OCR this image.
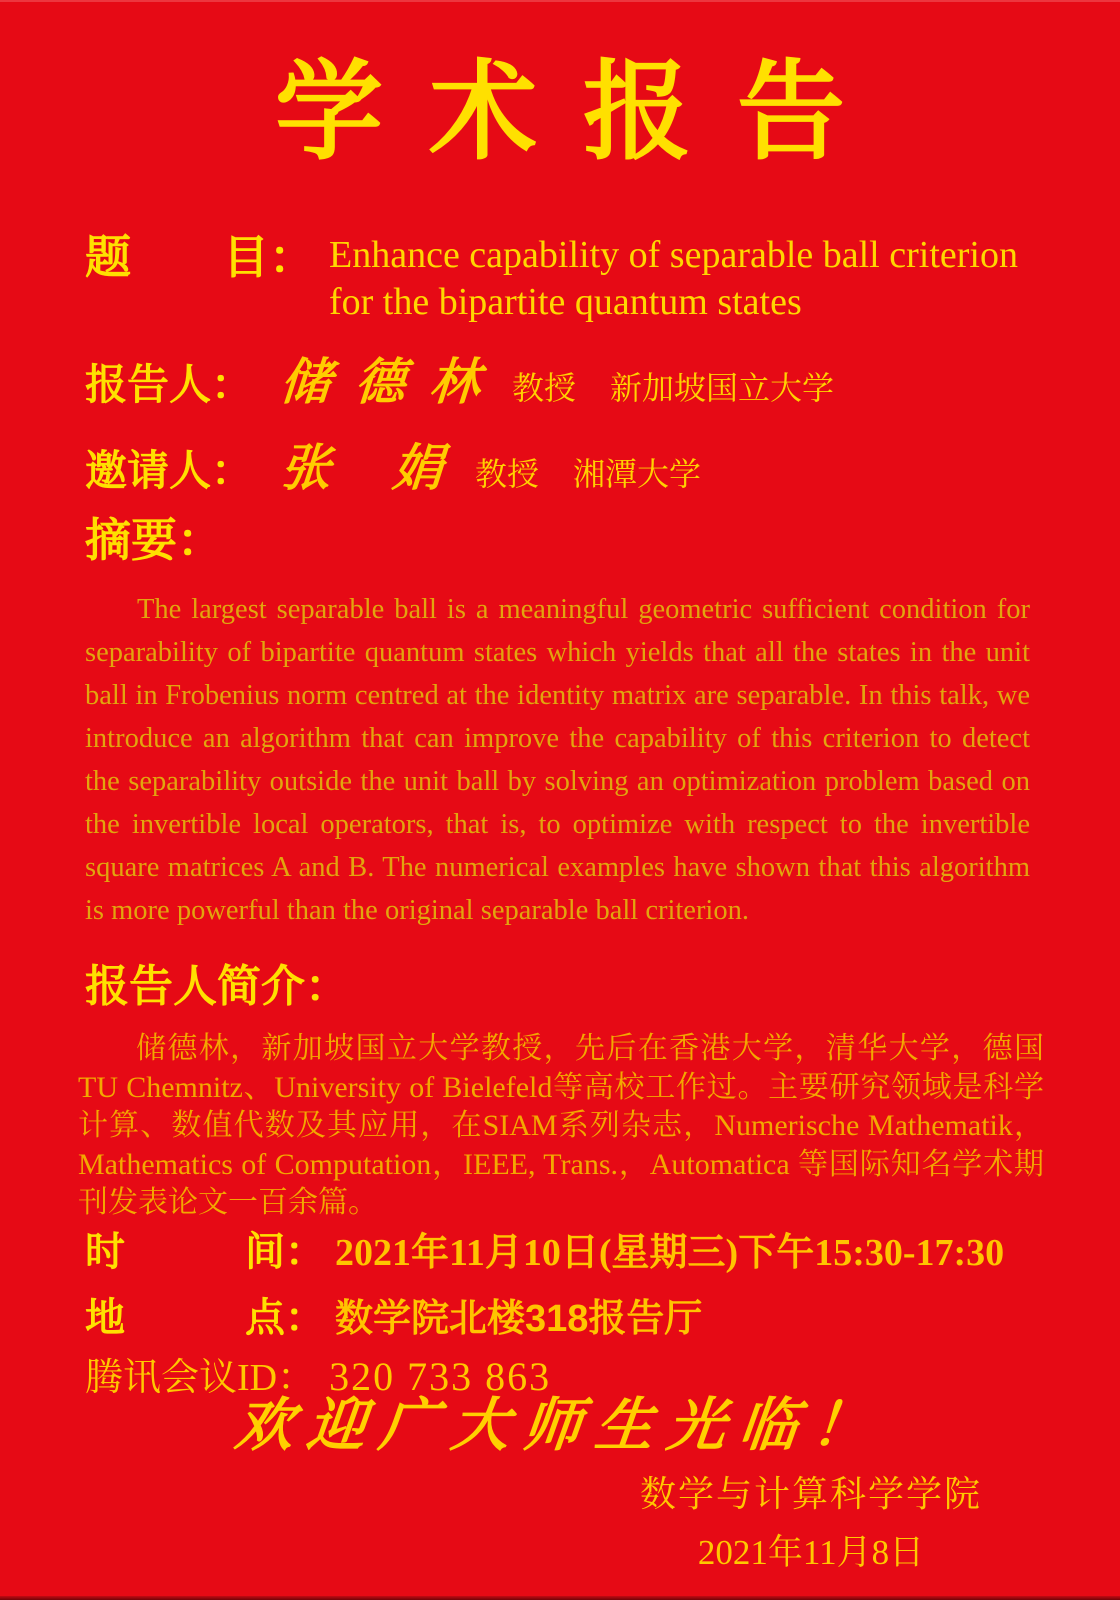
学术报告
题　　目： Enhance capability of separable ball criterion
for the bipartite quantum states
报告人： 储 德 林 教授 新加坡国立大学
邀请人： 张　娟 教授 湘潭大学
摘要：
The largest separable ball is a meaningful geometric sufficient condition for separability of bipartite quantum states which yields that all the states in the unit ball in Frobenius norm centred at the identity matrix are separable. In this talk, we introduce an algorithm that can improve the capability of this criterion to detect the separability outside the unit ball by solving an optimization problem based on the invertible local operators, that is, to optimize with respect to the invertible square matrices A and B. The numerical examples have shown that this algorithm is more powerful than the original separable ball criterion.
报告人简介：
储德林，新加坡国立大学教授，先后在香港大学，清华大学，德国TU Chemnitz、University of Bielefeld等高校工作过。主要研究领域是科学计算、数值代数及其应用，在SIAM系列杂志，Numerische Mathematik，Mathematics of Computation，IEEE, Trans.，Automatica 等国际知名学术期刊发表论文一百余篇。
时　　　间： 2021年11月10日(星期三)下午15:30-17:30
地　　　点： 数学院北楼318报告厅
腾讯会议ID： 320 733 863
欢迎广大师生光临！
数学与计算科学学院
2021年11月8日
